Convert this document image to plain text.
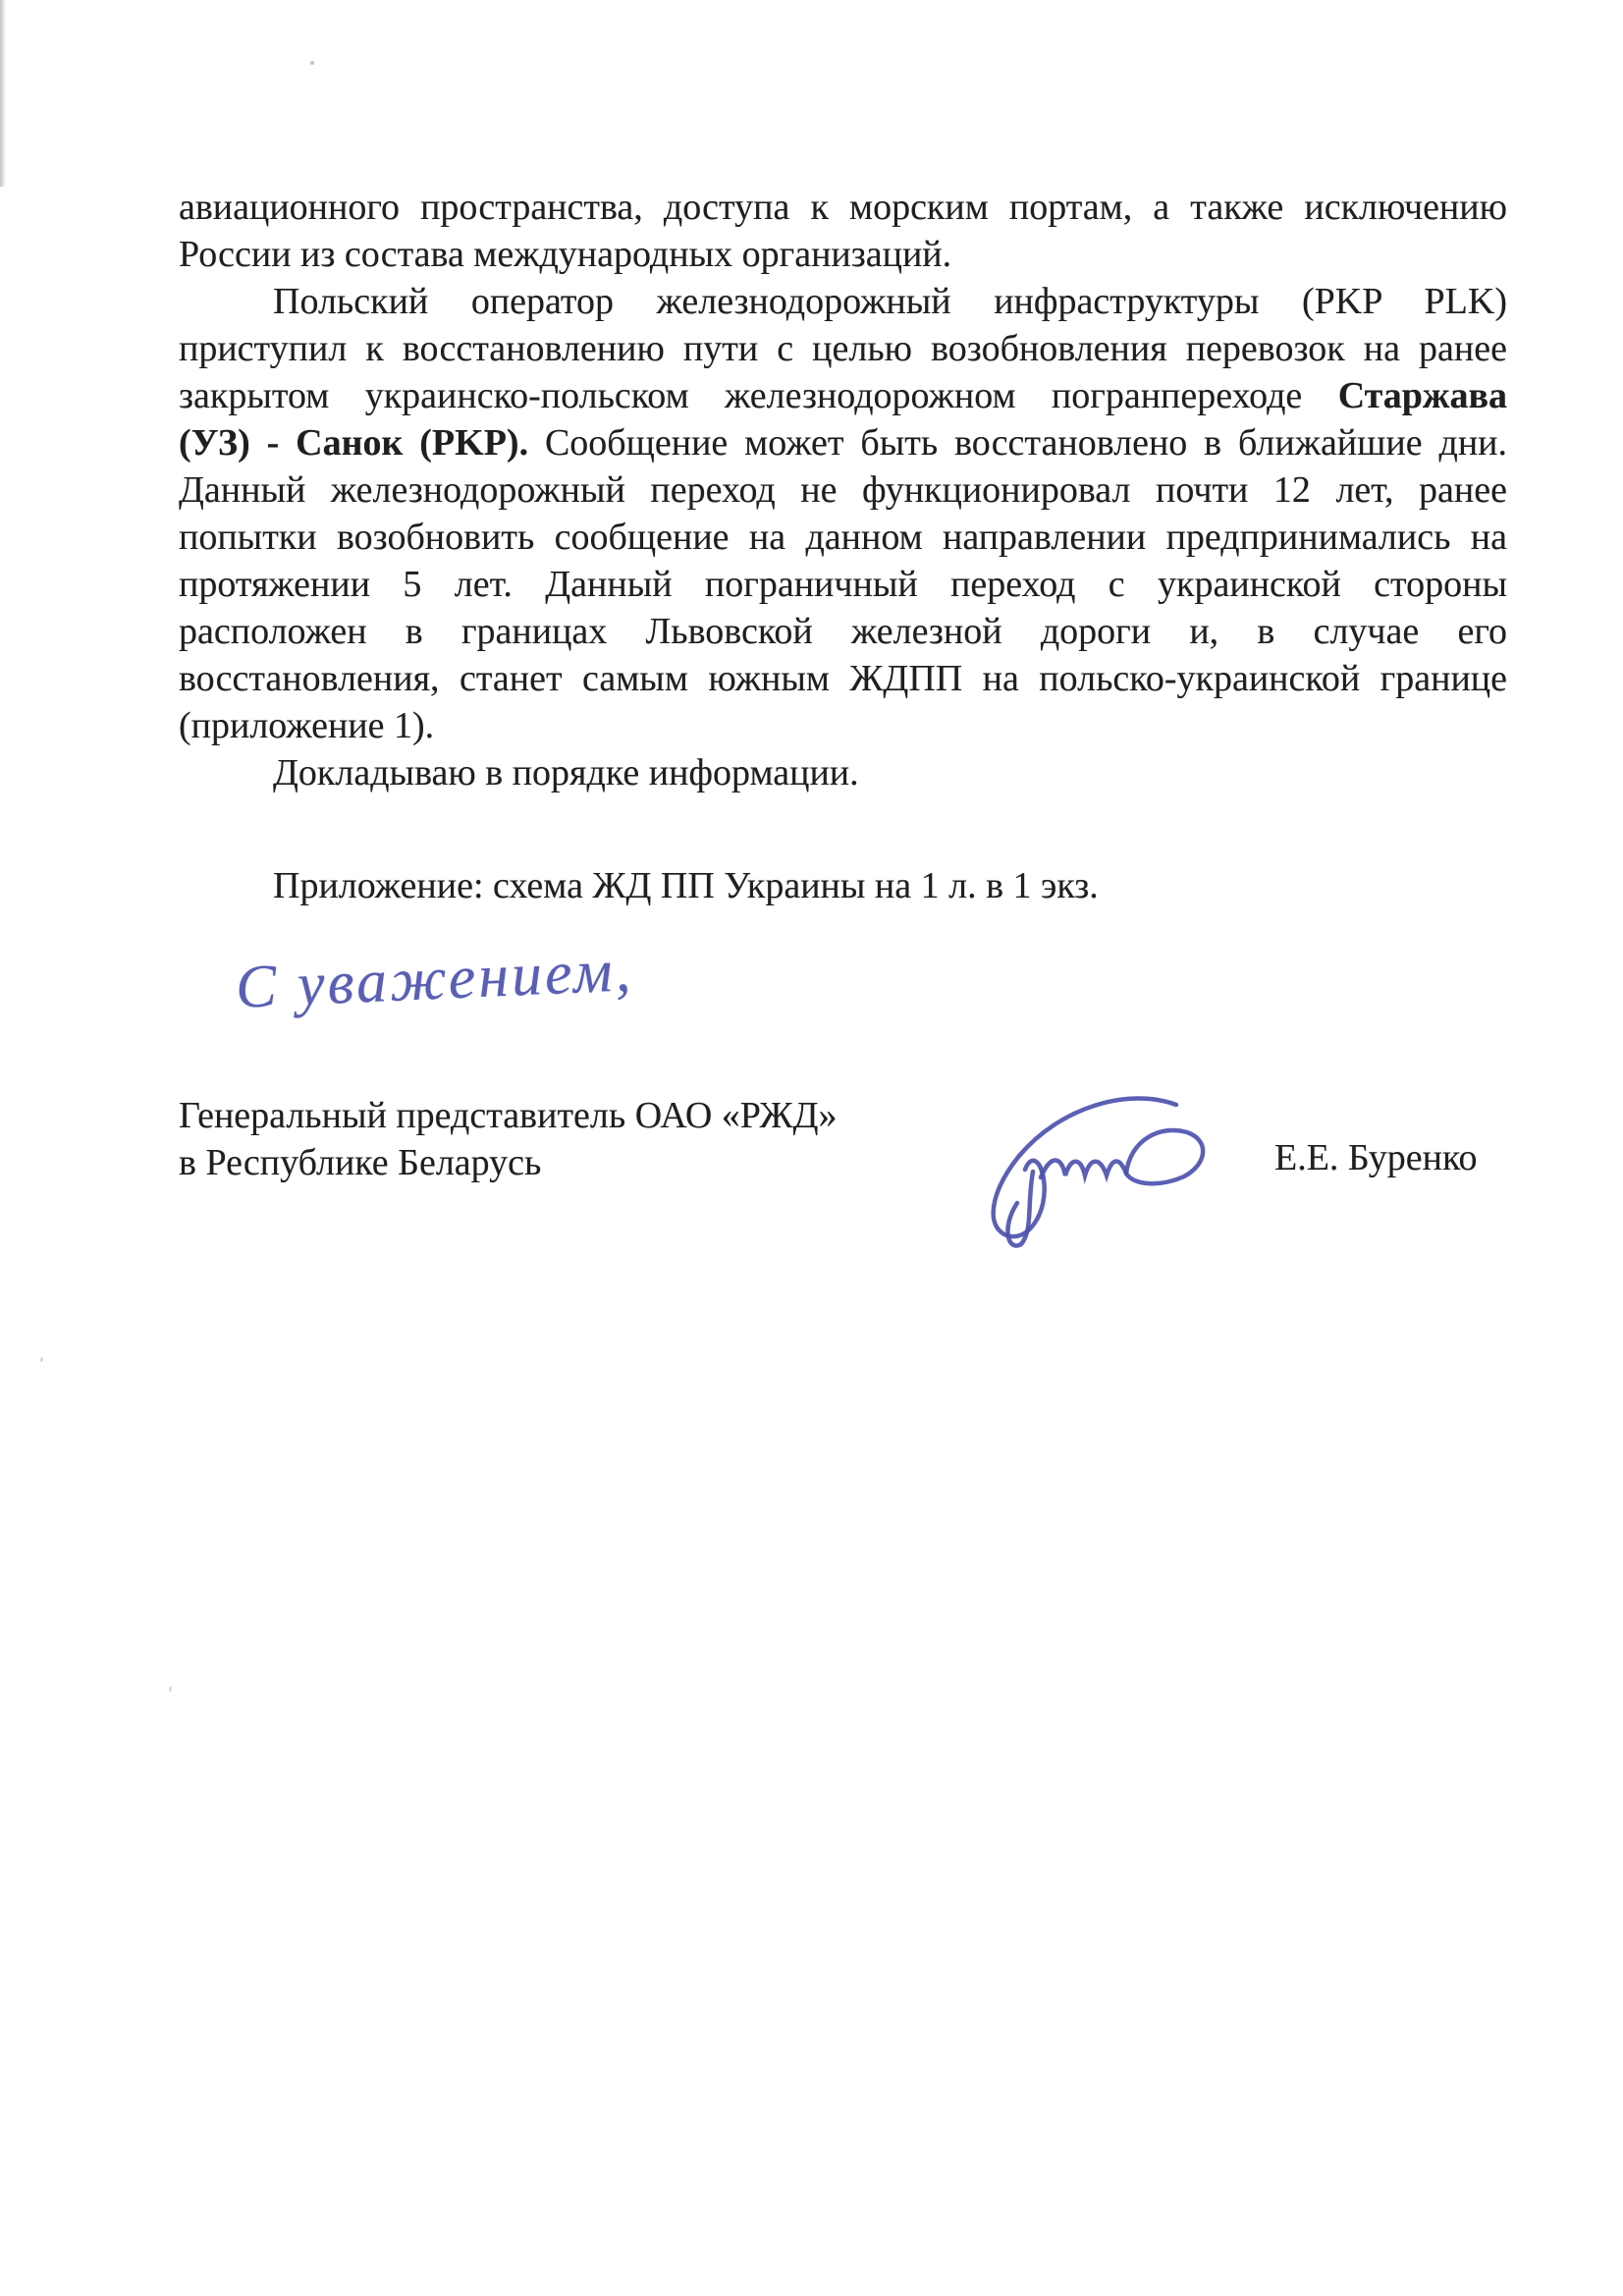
авиационного пространства, доступа к морским портам, а также исключению
России из состава международных организаций.
Польский оператор железнодорожный инфраструктуры (PKP PLK)
приступил к восстановлению пути с целью возобновления перевозок на ранее
закрытом украинско-польском железнодорожном погранпереходе Старжава
(УЗ) - Санок (PKP). Сообщение может быть восстановлено в ближайшие дни.
Данный железнодорожный переход не функционировал почти 12 лет, ранее
попытки возобновить сообщение на данном направлении предпринимались на
протяжении 5 лет. Данный пограничный переход с украинской стороны
расположен в границах Львовской железной дороги и, в случае его
восстановления, станет самым южным ЖДПП на польско-украинской границе
(приложение 1).
Докладываю в порядке информации.
Приложение: схема ЖД ПП Украины на 1 л. в 1 экз.
С уважением,
Генеральный представитель ОАО «РЖД»
в Республике Беларусь	Е.Е. Буренко
